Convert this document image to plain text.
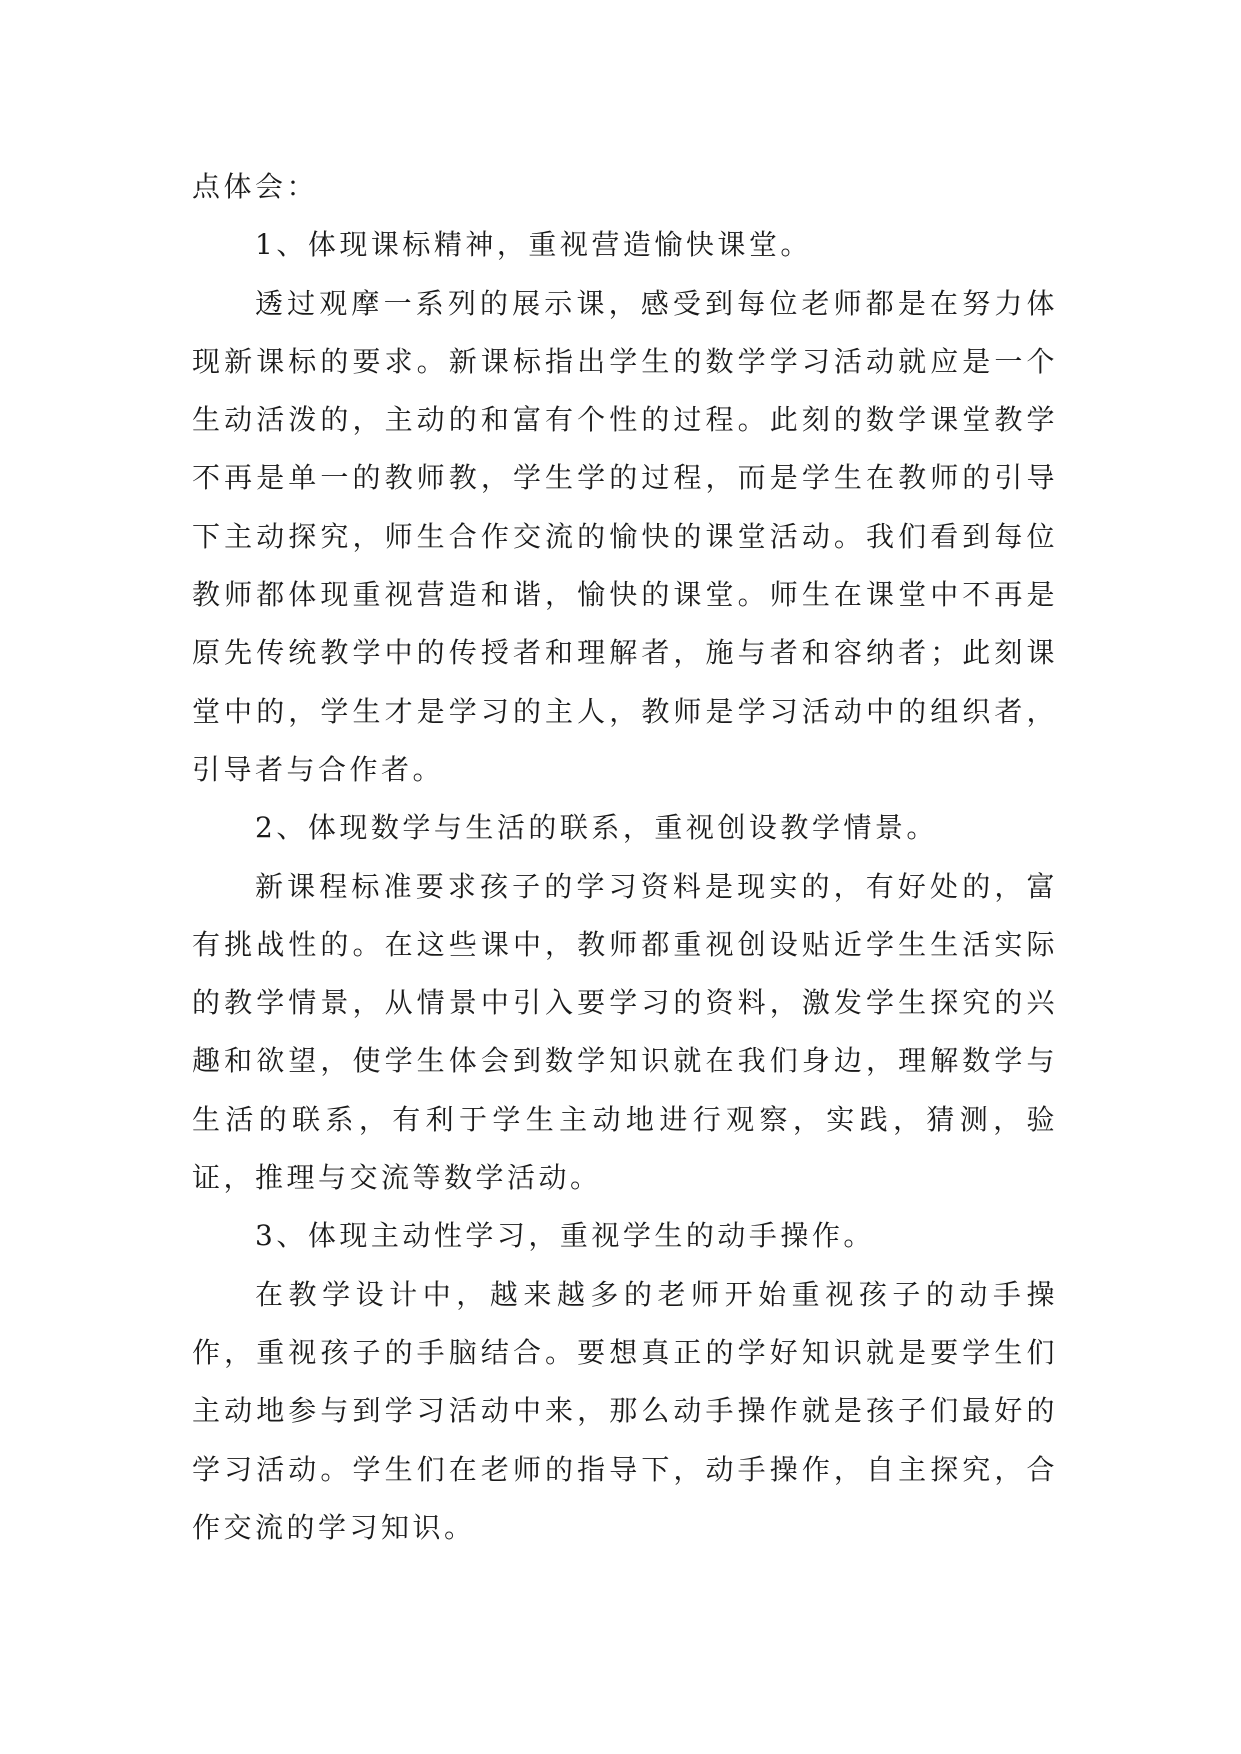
点体会：

1、体现课标精神，重视营造愉快课堂。

透过观摩一系列的展示课，感受到每位老师都是在努力体现新课标的要求。新课标指出学生的数学学习活动就应是一个生动活泼的，主动的和富有个性的过程。此刻的数学课堂教学不再是单一的教师教，学生学的过程，而是学生在教师的引导下主动探究，师生合作交流的愉快的课堂活动。我们看到每位教师都体现重视营造和谐，愉快的课堂。师生在课堂中不再是原先传统教学中的传授者和理解者，施与者和容纳者；此刻课堂中的，学生才是学习的主人，教师是学习活动中的组织者，引导者与合作者。

2、体现数学与生活的联系，重视创设教学情景。

新课程标准要求孩子的学习资料是现实的，有好处的，富有挑战性的。在这些课中，教师都重视创设贴近学生生活实际的教学情景，从情景中引入要学习的资料，激发学生探究的兴趣和欲望，使学生体会到数学知识就在我们身边，理解数学与生活的联系，有利于学生主动地进行观察，实践，猜测，验证，推理与交流等数学活动。

3、体现主动性学习，重视学生的动手操作。

在教学设计中，越来越多的老师开始重视孩子的动手操作，重视孩子的手脑结合。要想真正的学好知识就是要学生们主动地参与到学习活动中来，那么动手操作就是孩子们最好的学习活动。学生们在老师的指导下，动手操作，自主探究，合作交流的学习知识。
